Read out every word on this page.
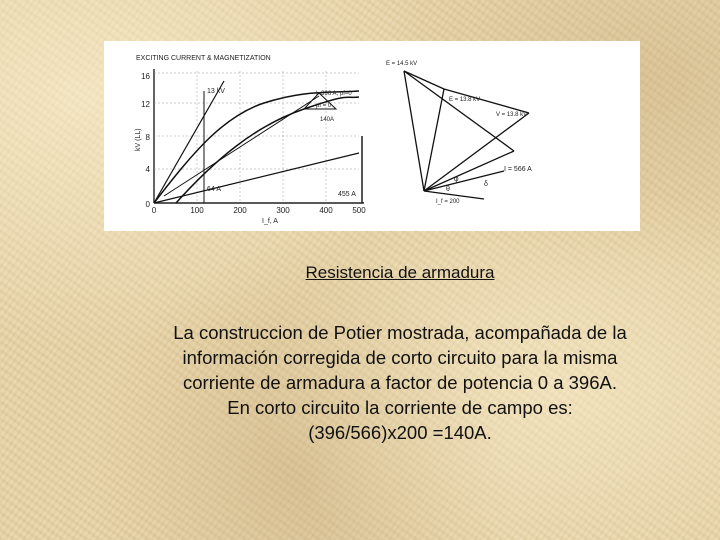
EXCITING CURRENT & MAGNETIZATION
16
12
8
4
0
0	100	200	300	400 500
I_f, A
kV (LL)
13 kV	I=396 A, pf=0
pf = 0
140A
64 A
455 A
E = 14.5 kV
E = 13.8 kV
V = 13.8 kV
I = 566 A
φ
δ
θ
I_f = 200
Resistencia de armadura
La construccion de Potier mostrada, acompañada de la
información corregida de corto circuito para la misma
corriente de armadura a factor de potencia 0 a 396A.
En corto circuito la corriente de campo es:
(396/566)x200 =140A.
